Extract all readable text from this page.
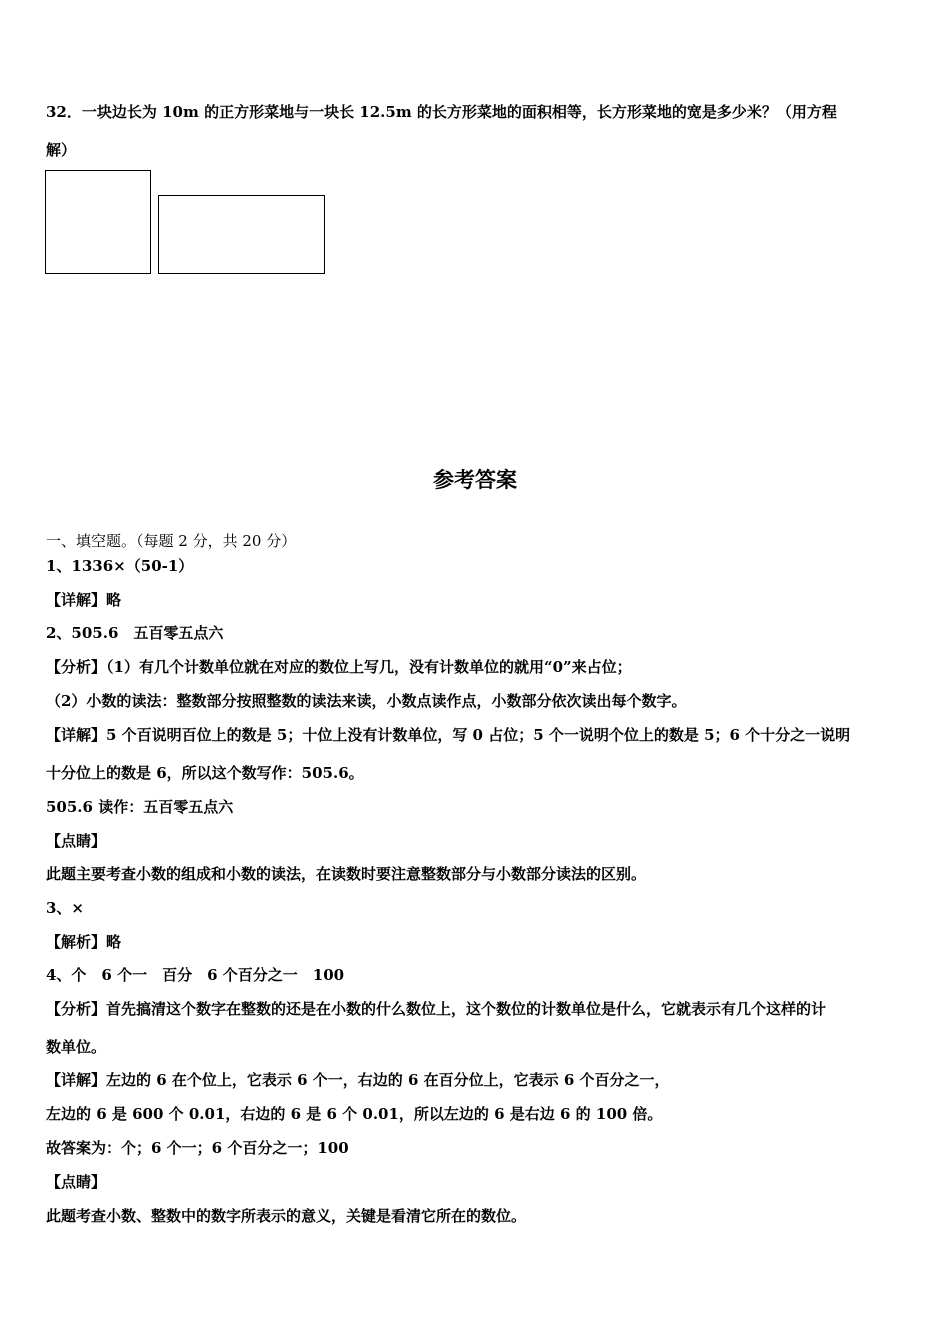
32．一块边长为 10m 的正方形菜地与一块长 12.5m 的长方形菜地的面积相等，长方形菜地的宽是多少米？（用方程
解）
参考答案
一、填空题。（每题 2 分，共 20 分）
1、1336×（50-1）
【详解】略
2、505.6　五百零五点六
【分析】（1）有几个计数单位就在对应的数位上写几，没有计数单位的就用“0”来占位；
（2）小数的读法：整数部分按照整数的读法来读，小数点读作点，小数部分依次读出每个数字。
【详解】5 个百说明百位上的数是 5；十位上没有计数单位，写 0 占位；5 个一说明个位上的数是 5；6 个十分之一说明
十分位上的数是 6，所以这个数写作：505.6。
505.6 读作：五百零五点六
【点睛】
此题主要考查小数的组成和小数的读法，在读数时要注意整数部分与小数部分读法的区别。
3、×
【解析】略
4、个　6 个一　百分　6 个百分之一　100
【分析】首先搞清这个数字在整数的还是在小数的什么数位上，这个数位的计数单位是什么，它就表示有几个这样的计
数单位。
【详解】左边的 6 在个位上，它表示 6 个一，右边的 6 在百分位上，它表示 6 个百分之一，
左边的 6 是 600 个 0.01，右边的 6 是 6 个 0.01，所以左边的 6 是右边 6 的 100 倍。
故答案为：个；6 个一；6 个百分之一；100
【点睛】
此题考查小数、整数中的数字所表示的意义，关键是看清它所在的数位。
